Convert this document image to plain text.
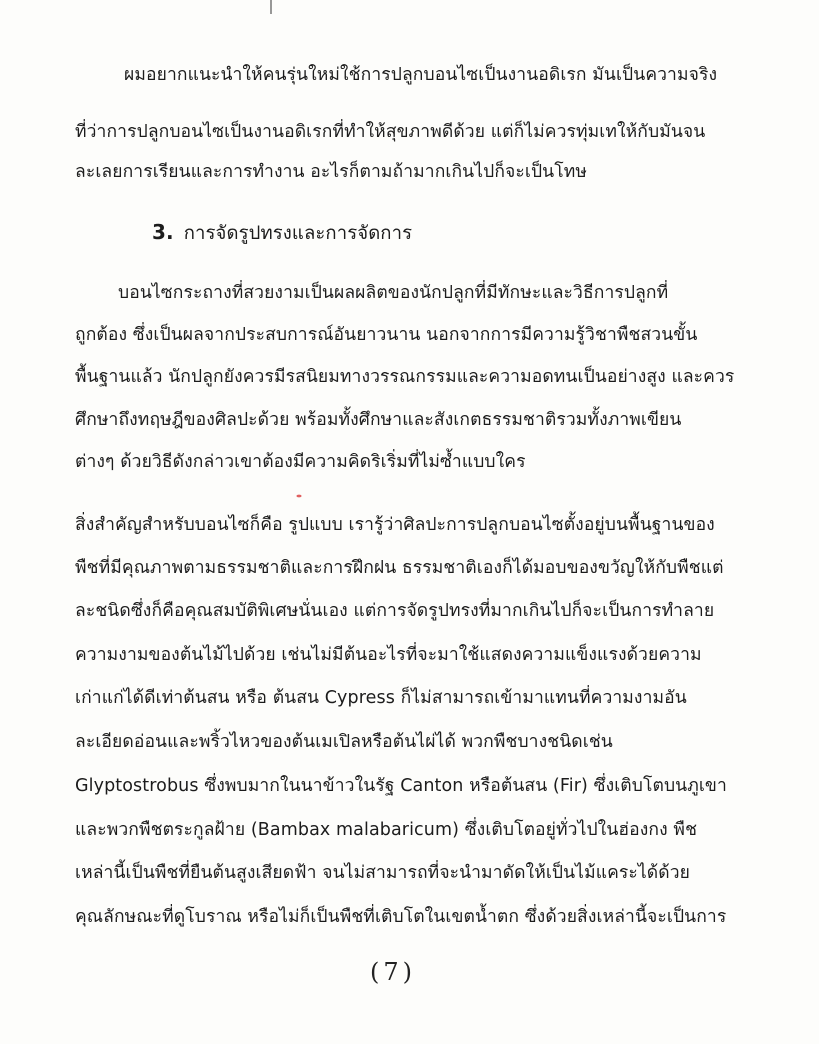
ผมอยากแนะนำให้คนรุ่นใหม่ใช้การปลูกบอนไซเป็นงานอดิเรก มันเป็นความจริง
ที่ว่าการปลูกบอนไซเป็นงานอดิเรกที่ทำให้สุขภาพดีด้วย แต่ก็ไม่ควรทุ่มเทให้กับมันจน
ละเลยการเรียนและการทำงาน อะไรก็ตามถ้ามากเกินไปก็จะเป็นโทษ
3. การจัดรูปทรงและการจัดการ
บอนไซกระถางที่สวยงามเป็นผลผลิตของนักปลูกที่มีทักษะและวิธีการปลูกที่
ถูกต้อง ซึ่งเป็นผลจากประสบการณ์อันยาวนาน นอกจากการมีความรู้วิชาพืชสวนขั้น
พื้นฐานแล้ว นักปลูกยังควรมีรสนิยมทางวรรณกรรมและความอดทนเป็นอย่างสูง และควร
ศึกษาถึงทฤษฎีของศิลปะด้วย พร้อมทั้งศึกษาและสังเกตธรรมชาติรวมทั้งภาพเขียน
ต่างๆ ด้วยวิธีดังกล่าวเขาต้องมีความคิดริเริ่มที่ไม่ซ้ำแบบใคร
สิ่งสำคัญสำหรับบอนไซก็คือ รูปแบบ เรารู้ว่าศิลปะการปลูกบอนไซตั้งอยู่บนพื้นฐานของ
พืชที่มีคุณภาพตามธรรมชาติและการฝึกฝน ธรรมชาติเองก็ได้มอบของขวัญให้กับพืชแต่
ละชนิดซึ่งก็คือคุณสมบัติพิเศษนั่นเอง แต่การจัดรูปทรงที่มากเกินไปก็จะเป็นการทำลาย
ความงามของต้นไม้ไปด้วย เช่นไม่มีต้นอะไรที่จะมาใช้แสดงความแข็งแรงด้วยความ
เก่าแก่ได้ดีเท่าต้นสน หรือ ต้นสน Cypress ก็ไม่สามารถเข้ามาแทนที่ความงามอัน
ละเอียดอ่อนและพริ้วไหวของต้นเมเปิลหรือต้นไผ่ได้ พวกพืชบางชนิดเช่น
Glyptostrobus ซึ่งพบมากในนาข้าวในรัฐ Canton หรือต้นสน (Fir) ซึ่งเติบโตบนภูเขา
และพวกพืชตระกูลฝ้าย (Bambax malabaricum) ซึ่งเติบโตอยู่ทั่วไปในฮ่องกง พืช
เหล่านี้เป็นพืชที่ยืนต้นสูงเสียดฟ้า จนไม่สามารถที่จะนำมาดัดให้เป็นไม้แคระได้ด้วย
คุณลักษณะที่ดูโบราณ หรือไม่ก็เป็นพืชที่เติบโตในเขตน้ำตก ซึ่งด้วยสิ่งเหล่านี้จะเป็นการ
(7)
